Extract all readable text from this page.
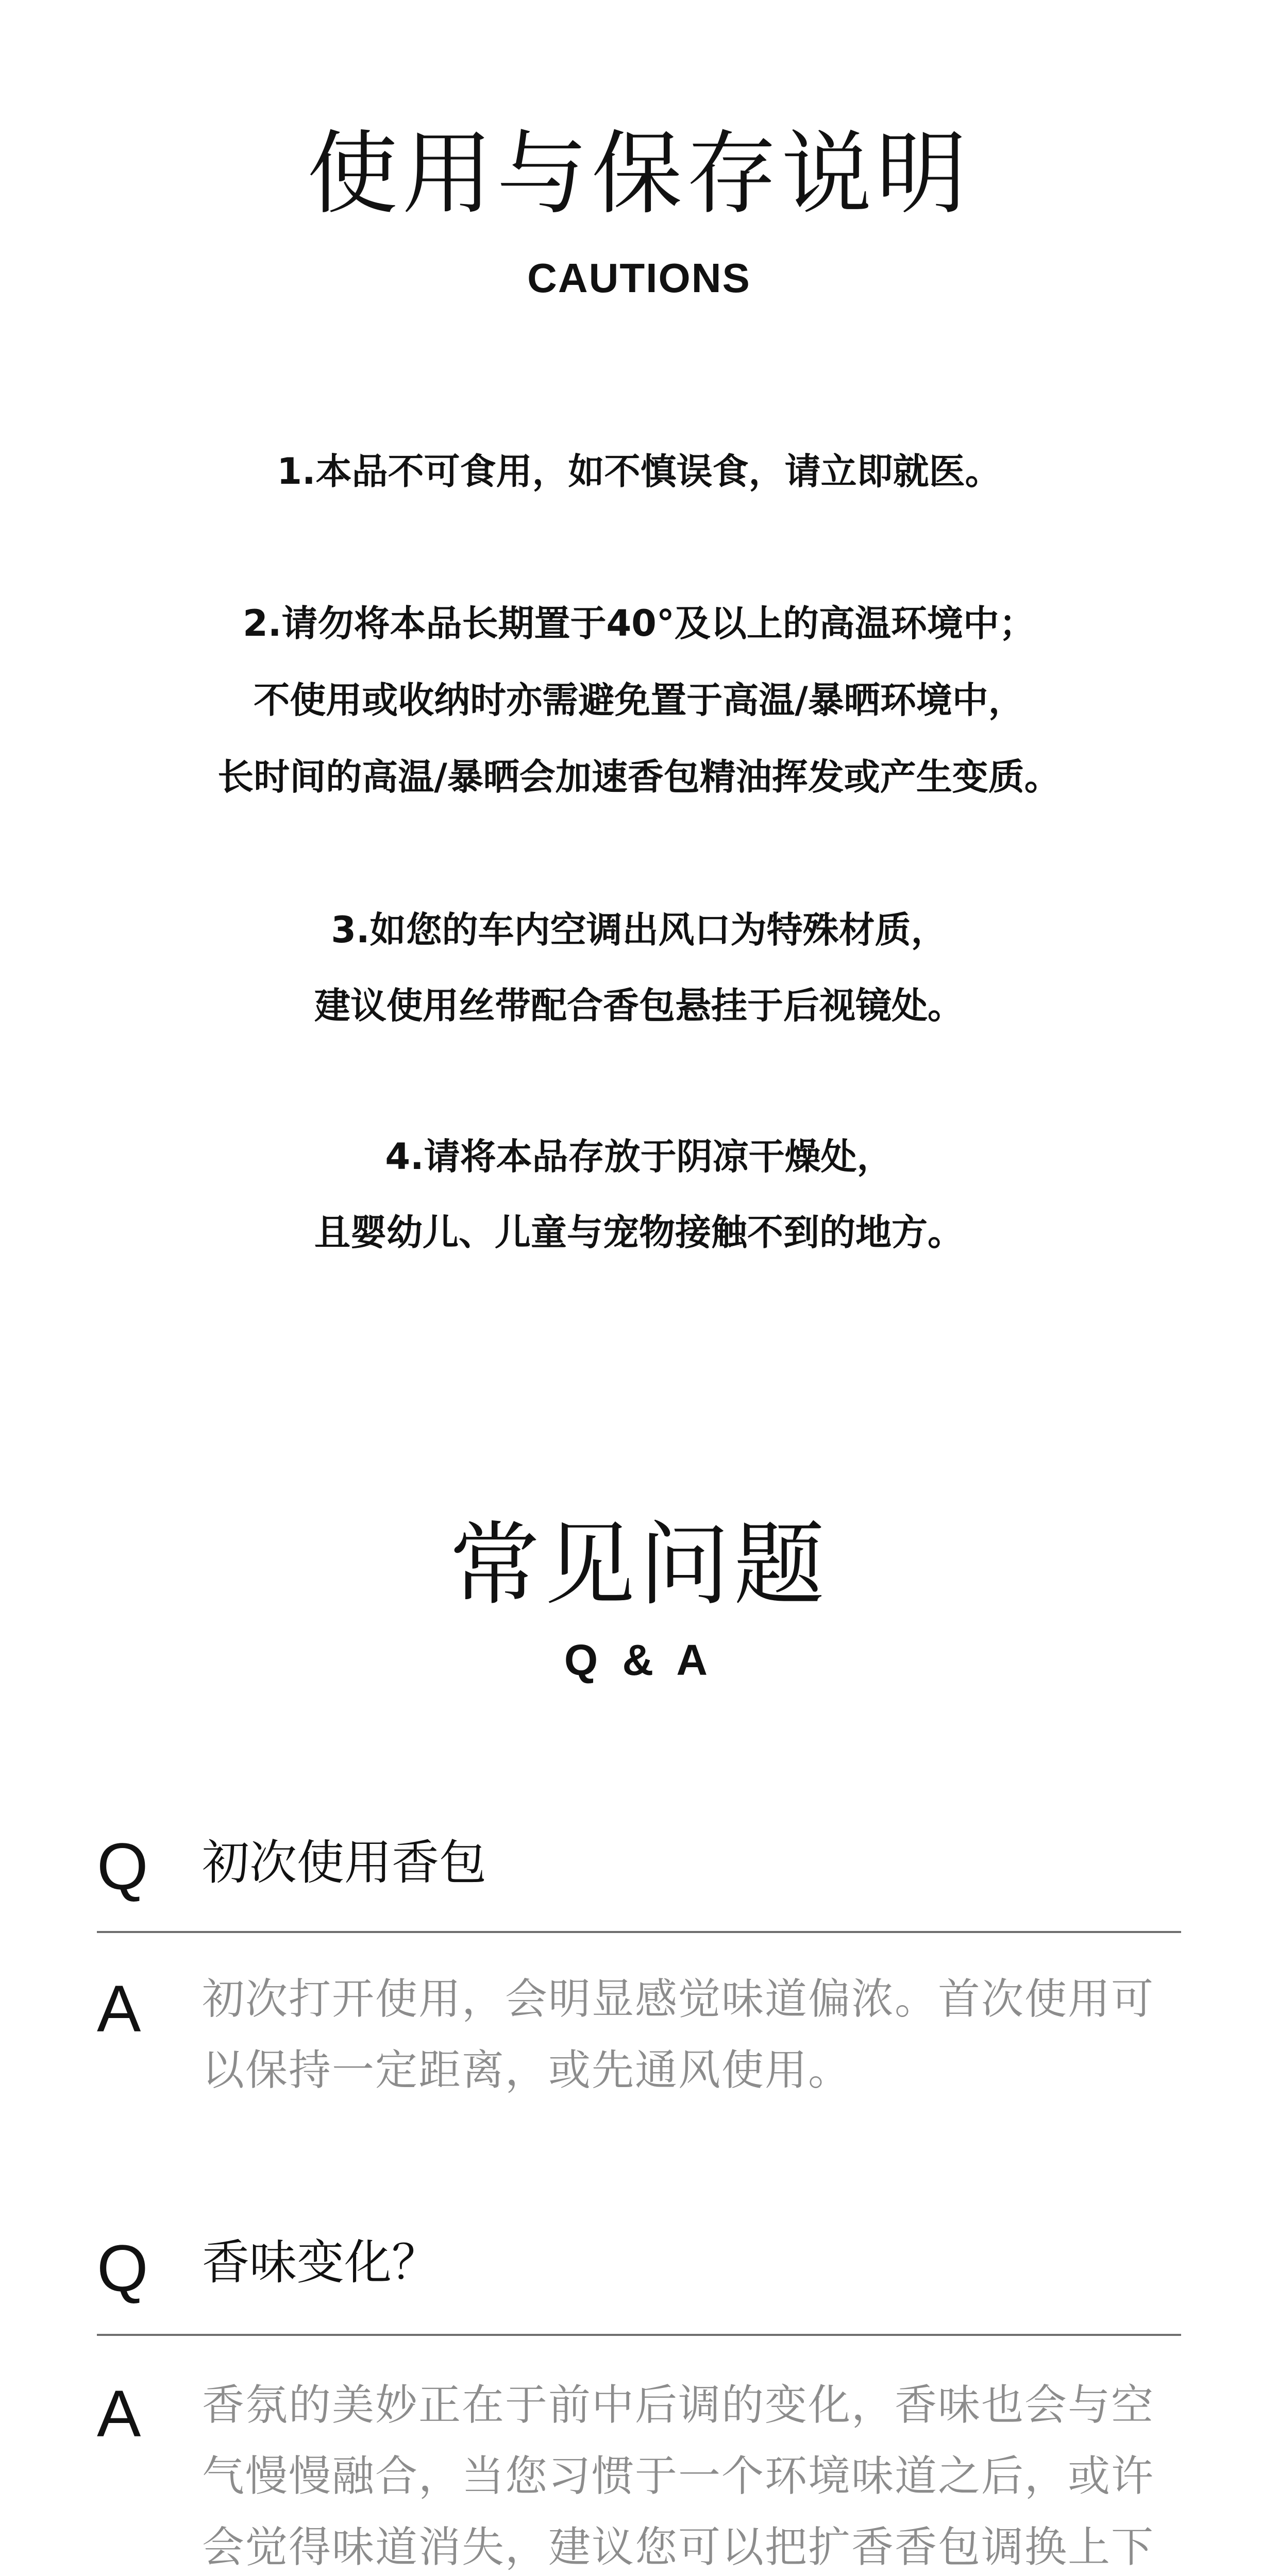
使用与保存说明
CAUTIONS
1.本品不可食用，如不慎误食，请立即就医。
2.请勿将本品长期置于40°及以上的高温环境中；
不使用或收纳时亦需避免置于高温/暴晒环境中，
长时间的高温/暴晒会加速香包精油挥发或产生变质。
3.如您的车内空调出风口为特殊材质，
建议使用丝带配合香包悬挂于后视镜处。
4.请将本品存放于阴凉干燥处，
且婴幼儿、儿童与宠物接触不到的地方。
常见问题
Q & A
Q 初次使用香包
A 初次打开使用，会明显感觉味道偏浓。首次使用可
以保持一定距离，或先通风使用。
Q 香味变化？
A 香氛的美妙正在于前中后调的变化，香味也会与空
气慢慢融合，当您习惯于一个环境味道之后，或许
会觉得味道消失，建议您可以把扩香香包调换上下
